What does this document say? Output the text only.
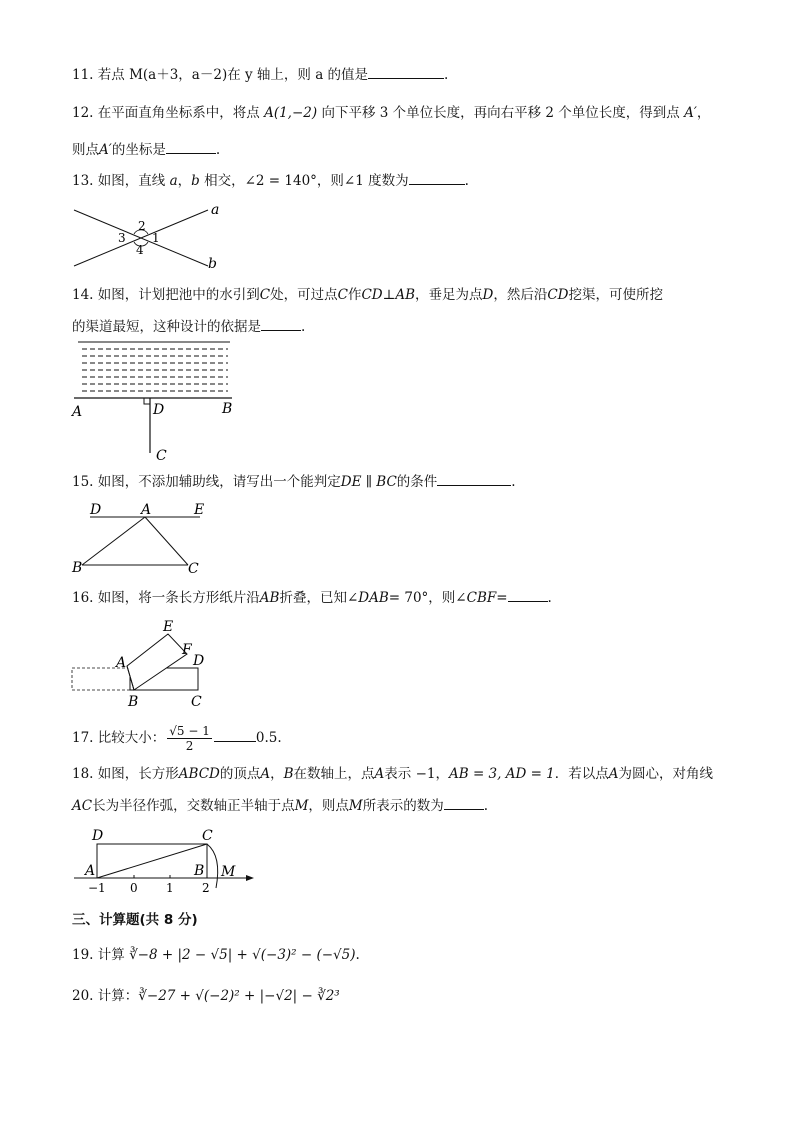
11. 若点 M(a＋3，a－2)在 y 轴上，则 a 的值是	.
12. 在平面直角坐标系中，将点 A(1,−2) 向下平移 3 个单位长度，再向右平移 2 个单位长度，得到点 A′，
则点A′的坐标是	.
13. 如图，直线 a，b 相交，∠2 = 140°，则∠1 度数为	.
a
b
2
3 1
4
14. 如图，计划把池中的水引到C处，可过点C作CD⊥AB，垂足为点D，然后沿CD挖渠，可使所挖
的渠道最短，这种设计的依据是	.
A	B
D
C
15. 如图，不添加辅助线，请写出一个能判定DE ∥ BC的条件	.
D	A	E
B	C
16. 如图，将一条长方形纸片沿AB折叠，已知∠DAB= 70°，则∠CBF=	.
E
F
A	D
B	C
17. 比较大小： $\frac{√5 - 1}{2}$	0.5.
18. 如图，长方形ABCD的顶点A，B在数轴上，点A表示 −1，AB = 3, AD = 1．若以点A为圆心，对角线
AC长为半径作弧，交数轴正半轴于点M，则点M所表示的数为	.
D	C
A	B M
−1 0 1 2
三、计算题(共 8 分)
19. 计算 ∛−8 + |2 − √5| + √(−3)² − (−√5).
20. 计算：∛−27 + √(−2)² + |−√2| − ∛2³
